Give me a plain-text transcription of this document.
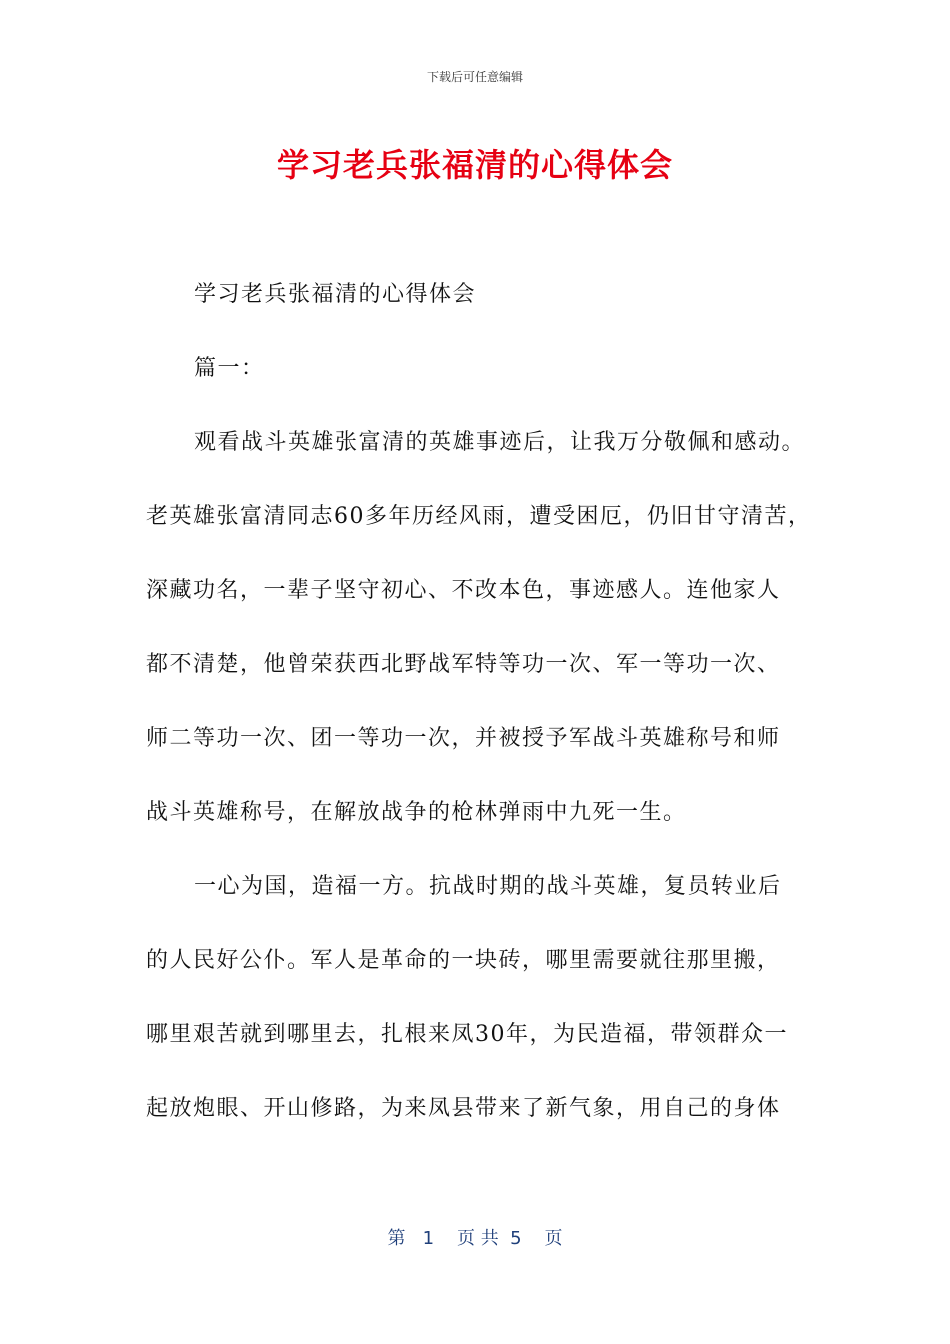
下载后可任意编辑
学习老兵张福清的心得体会
学习老兵张福清的心得体会
篇一：
观看战斗英雄张富清的英雄事迹后，让我万分敬佩和感动。
老英雄张富清同志60多年历经风雨，遭受困厄，仍旧甘守清苦，
深藏功名，一辈子坚守初心、不改本色，事迹感人。连他家人
都不清楚，他曾荣获西北野战军特等功一次、军一等功一次、
师二等功一次、团一等功一次，并被授予军战斗英雄称号和师
战斗英雄称号，在解放战争的枪林弹雨中九死一生。
一心为国，造福一方。抗战时期的战斗英雄，复员转业后
的人民好公仆。军人是革命的一块砖，哪里需要就往那里搬，
哪里艰苦就到哪里去，扎根来凤30年，为民造福，带领群众一
起放炮眼、开山修路，为来凤县带来了新气象，用自己的身体
第   1    页 共  5    页
